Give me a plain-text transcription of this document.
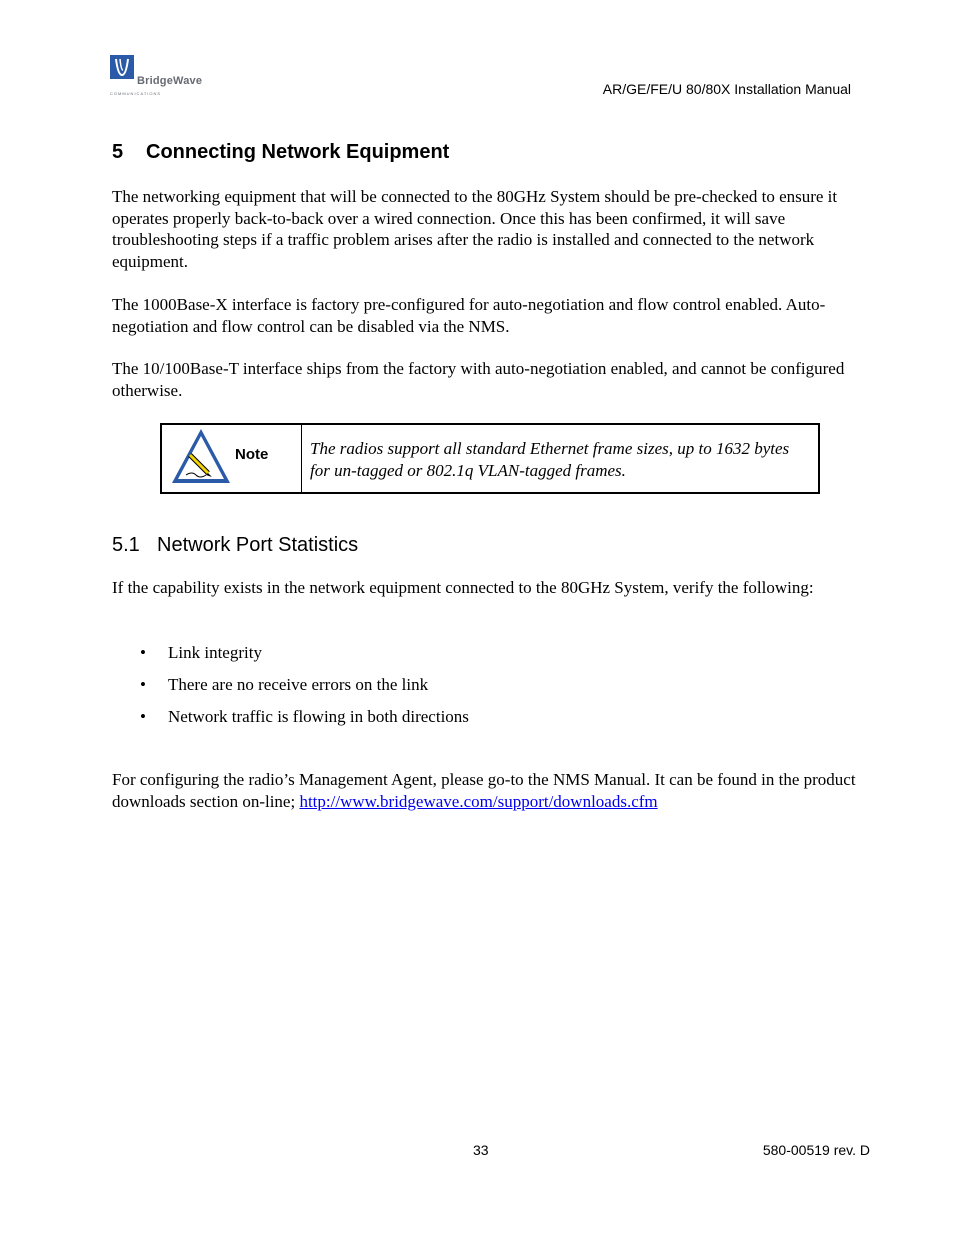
BridgeWave
COMMUNICATIONS	AR/GE/FE/U 80/80X Installation Manual
5 Connecting Network Equipment
The networking equipment that will be connected to the 80GHz System should be pre-checked to ensure it operates properly back-to-back over a wired connection. Once this has been confirmed, it will save troubleshooting steps if a traffic problem arises after the radio is installed and connected to the network equipment.
The 1000Base-X interface is factory pre-configured for auto-negotiation and flow control enabled. Auto-negotiation and flow control can be disabled via the NMS.
The 10/100Base-T interface ships from the factory with auto-negotiation enabled, and cannot be configured otherwise.
Note The radios support all standard Ethernet frame sizes, up to 1632 bytes for un-tagged or 802.1q VLAN-tagged frames.
5.1 Network Port Statistics
If the capability exists in the network equipment connected to the 80GHz System, verify the following:
•	Link integrity
•	There are no receive errors on the link
•	Network traffic is flowing in both directions
For configuring the radio’s Management Agent, please go-to the NMS Manual. It can be found in the product downloads section on-line; http://www.bridgewave.com/support/downloads.cfm
33	580-00519 rev. D
